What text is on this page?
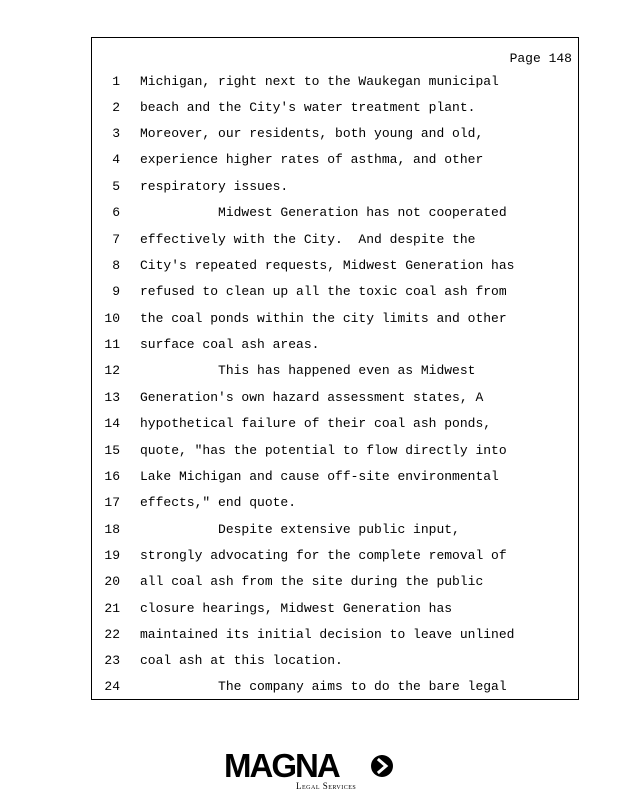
Page 148
1 Michigan, right next to the Waukegan municipal
2 beach and the City's water treatment plant.
3 Moreover, our residents, both young and old,
4 experience higher rates of asthma, and other
5 respiratory issues.
6 Midwest Generation has not cooperated
7 effectively with the City.  And despite the
8 City's repeated requests, Midwest Generation has
9 refused to clean up all the toxic coal ash from
10 the coal ponds within the city limits and other
11 surface coal ash areas.
12 This has happened even as Midwest
13 Generation's own hazard assessment states, A
14 hypothetical failure of their coal ash ponds,
15 quote, "has the potential to flow directly into
16 Lake Michigan and cause off-site environmental
17 effects," end quote.
18 Despite extensive public input,
19 strongly advocating for the complete removal of
20 all coal ash from the site during the public
21 closure hearings, Midwest Generation has
22 maintained its initial decision to leave unlined
23 coal ash at this location.
24 The company aims to do the bare legal
MAGNA
Legal Services
